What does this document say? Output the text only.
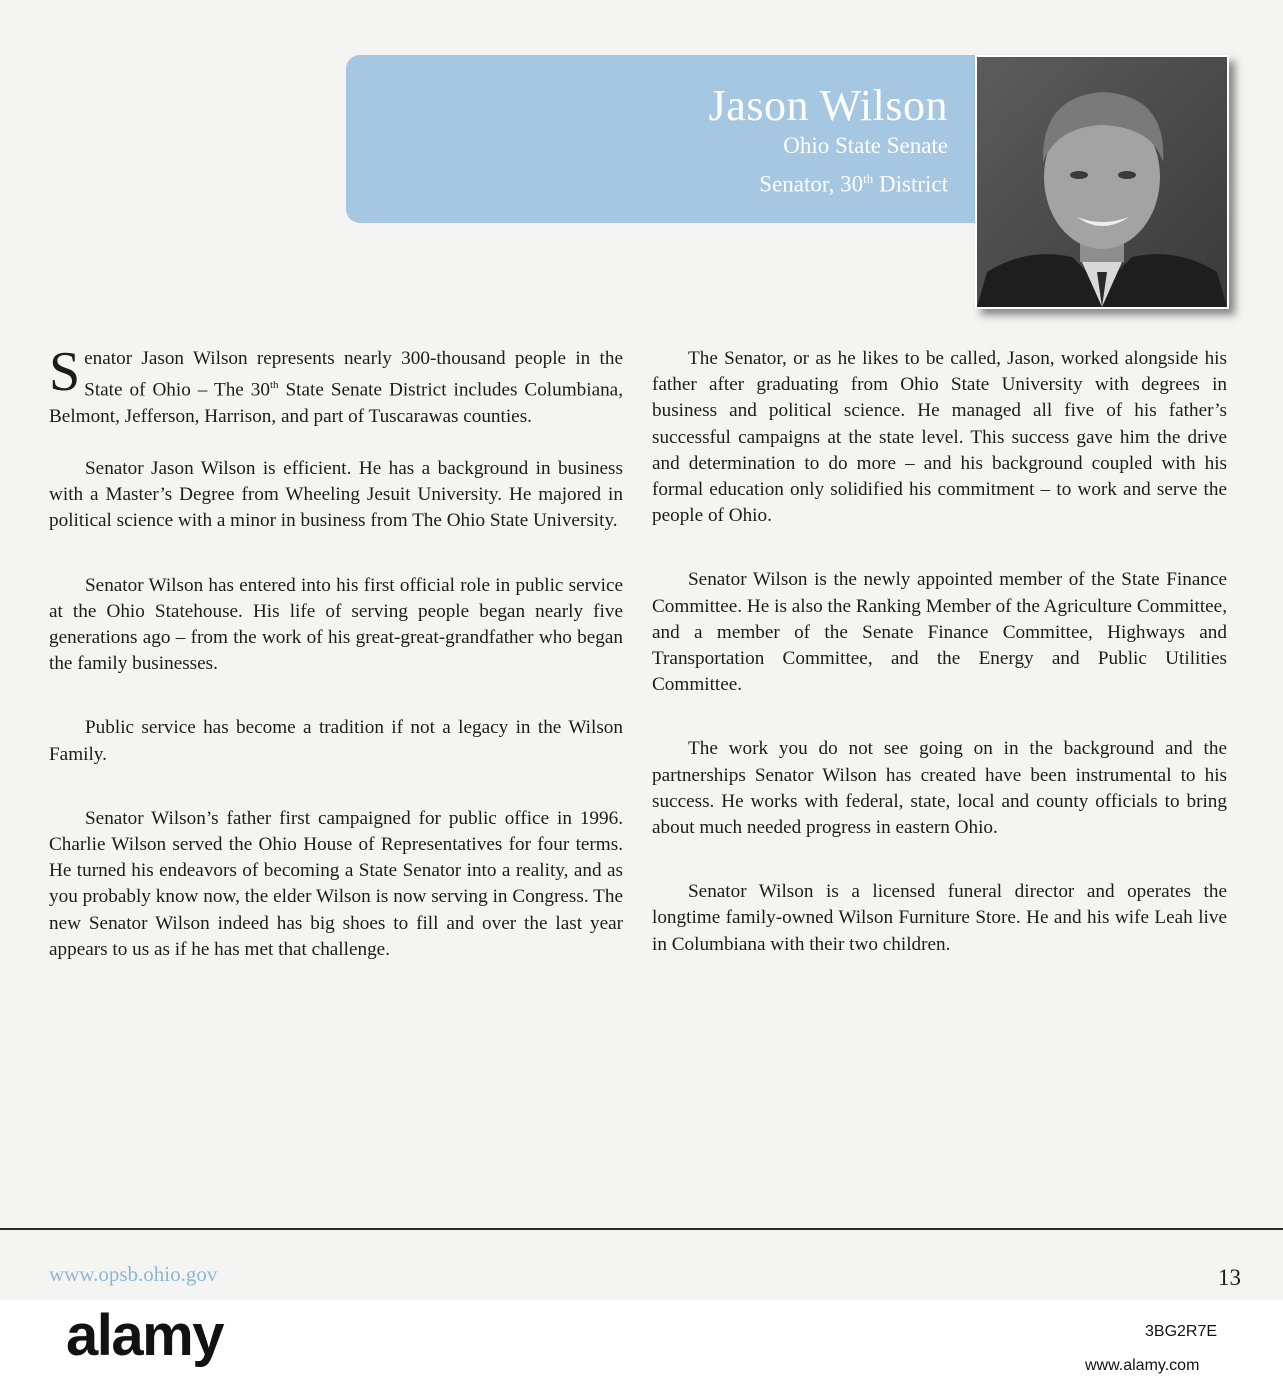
Jason Wilson
Ohio State Senate
Senator, 30th District

Senator Jason Wilson represents nearly 300-thousand people in the State of Ohio – The 30th State Senate District includes Columbiana, Belmont, Jefferson, Harrison, and part of Tuscarawas counties.

Senator Jason Wilson is efficient. He has a background in business with a Master’s Degree from Wheeling Jesuit University. He majored in political science with a minor in business from The Ohio State University.

Senator Wilson has entered into his first official role in public service at the Ohio Statehouse. His life of serving people began nearly five generations ago – from the work of his great-great-grandfather who began the family businesses.

Public service has become a tradition if not a legacy in the Wilson Family.

Senator Wilson’s father first campaigned for public office in 1996. Charlie Wilson served the Ohio House of Representatives for four terms. He turned his endeavors of becoming a State Senator into a reality, and as you probably know now, the elder Wilson is now serving in Congress. The new Senator Wilson indeed has big shoes to fill and over the last year appears to us as if he has met that challenge.

The Senator, or as he likes to be called, Jason, worked alongside his father after graduating from Ohio State University with degrees in business and political science. He managed all five of his father’s successful campaigns at the state level. This success gave him the drive and determination to do more – and his background coupled with his formal education only solidified his commitment – to work and serve the people of Ohio.

Senator Wilson is the newly appointed member of the State Finance Committee. He is also the Ranking Member of the Agriculture Committee, and a member of the Senate Finance Committee, Highways and Transportation Committee, and the Energy and Public Utilities Committee.

The work you do not see going on in the background and the partnerships Senator Wilson has created have been instrumental to his success. He works with federal, state, local and county officials to bring about much needed progress in eastern Ohio.

Senator Wilson is a licensed funeral director and operates the longtime family-owned Wilson Furniture Store. He and his wife Leah live in Columbiana with their two children.

www.opsb.ohio.gov	13
alamy	3BG2R7E
www.alamy.com
